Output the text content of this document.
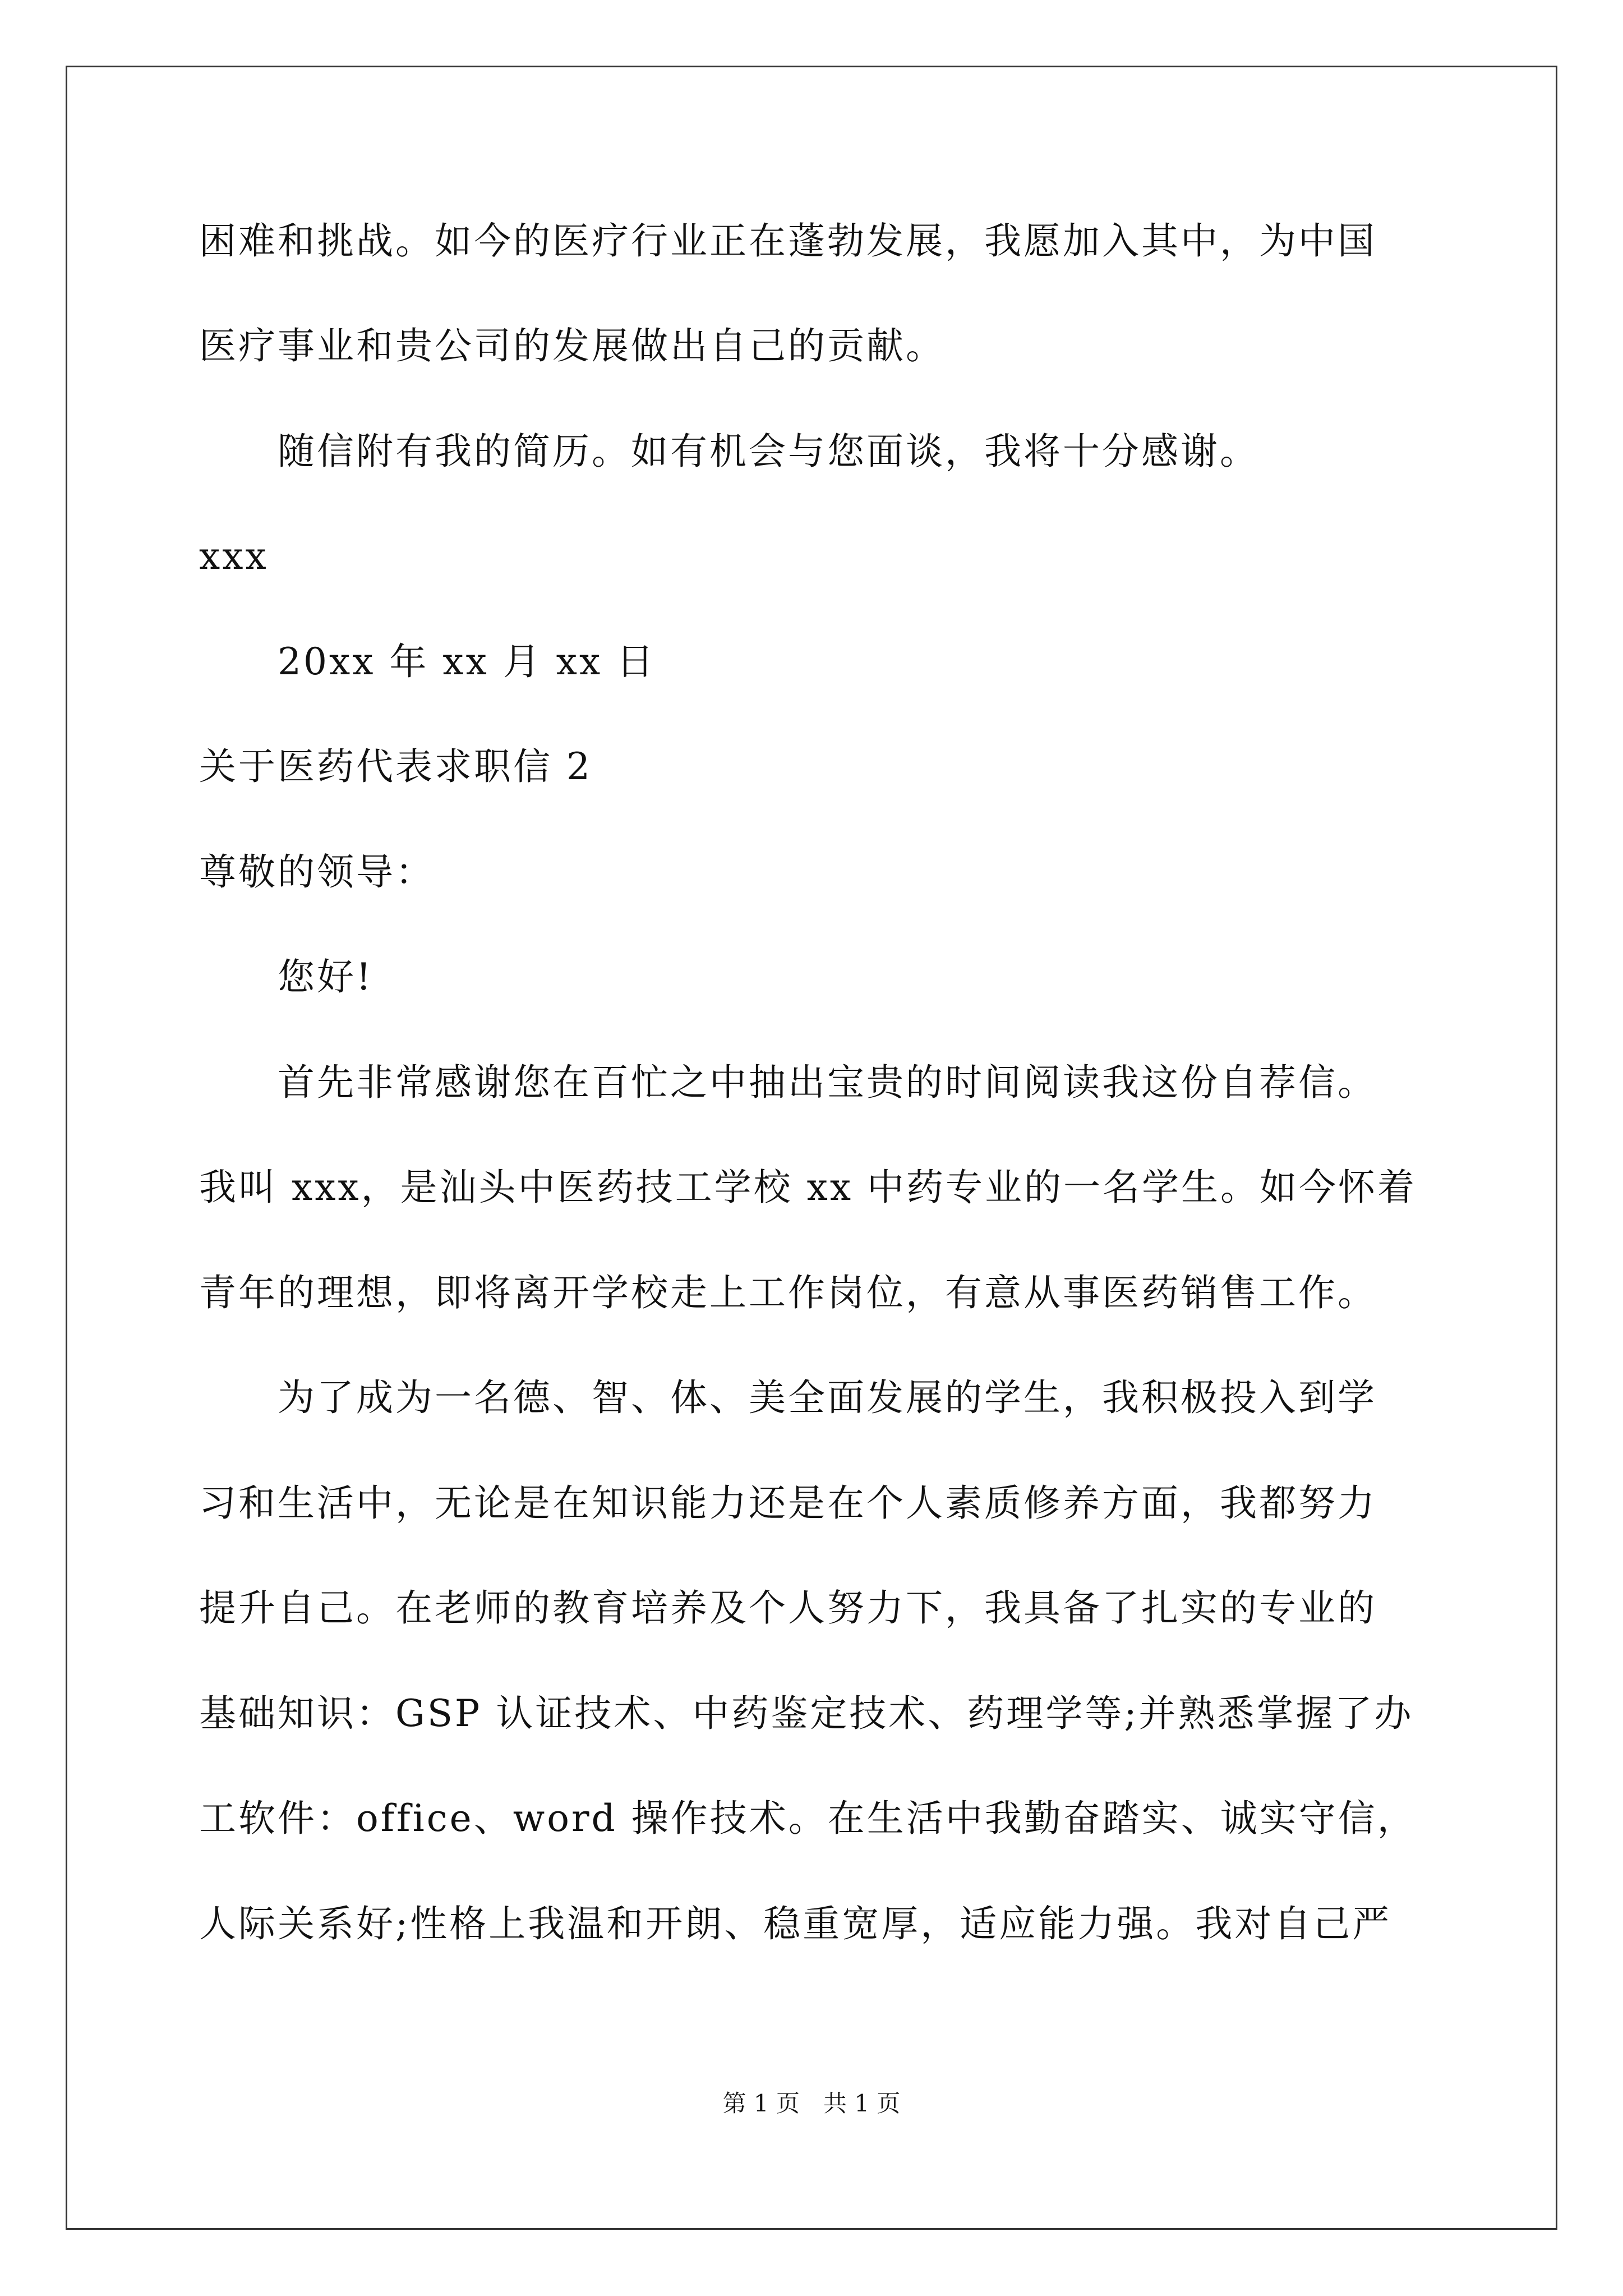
困难和挑战。如今的医疗行业正在蓬勃发展，我愿加入其中，为中国
医疗事业和贵公司的发展做出自己的贡献。
随信附有我的简历。如有机会与您面谈，我将十分感谢。
xxx
20xx 年 xx 月 xx 日
关于医药代表求职信 2
尊敬的领导：
您好!
首先非常感谢您在百忙之中抽出宝贵的时间阅读我这份自荐信。
我叫 xxx，是汕头中医药技工学校 xx 中药专业的一名学生。如今怀着
青年的理想，即将离开学校走上工作岗位，有意从事医药销售工作。
为了成为一名德、智、体、美全面发展的学生，我积极投入到学
习和生活中，无论是在知识能力还是在个人素质修养方面，我都努力
提升自己。在老师的教育培养及个人努力下，我具备了扎实的专业的
基础知识：GSP 认证技术、中药鉴定技术、药理学等;并熟悉掌握了办
工软件：office、word 操作技术。在生活中我勤奋踏实、诚实守信，
人际关系好;性格上我温和开朗、稳重宽厚，适应能力强。我对自己严
第 1 页　共 1 页
